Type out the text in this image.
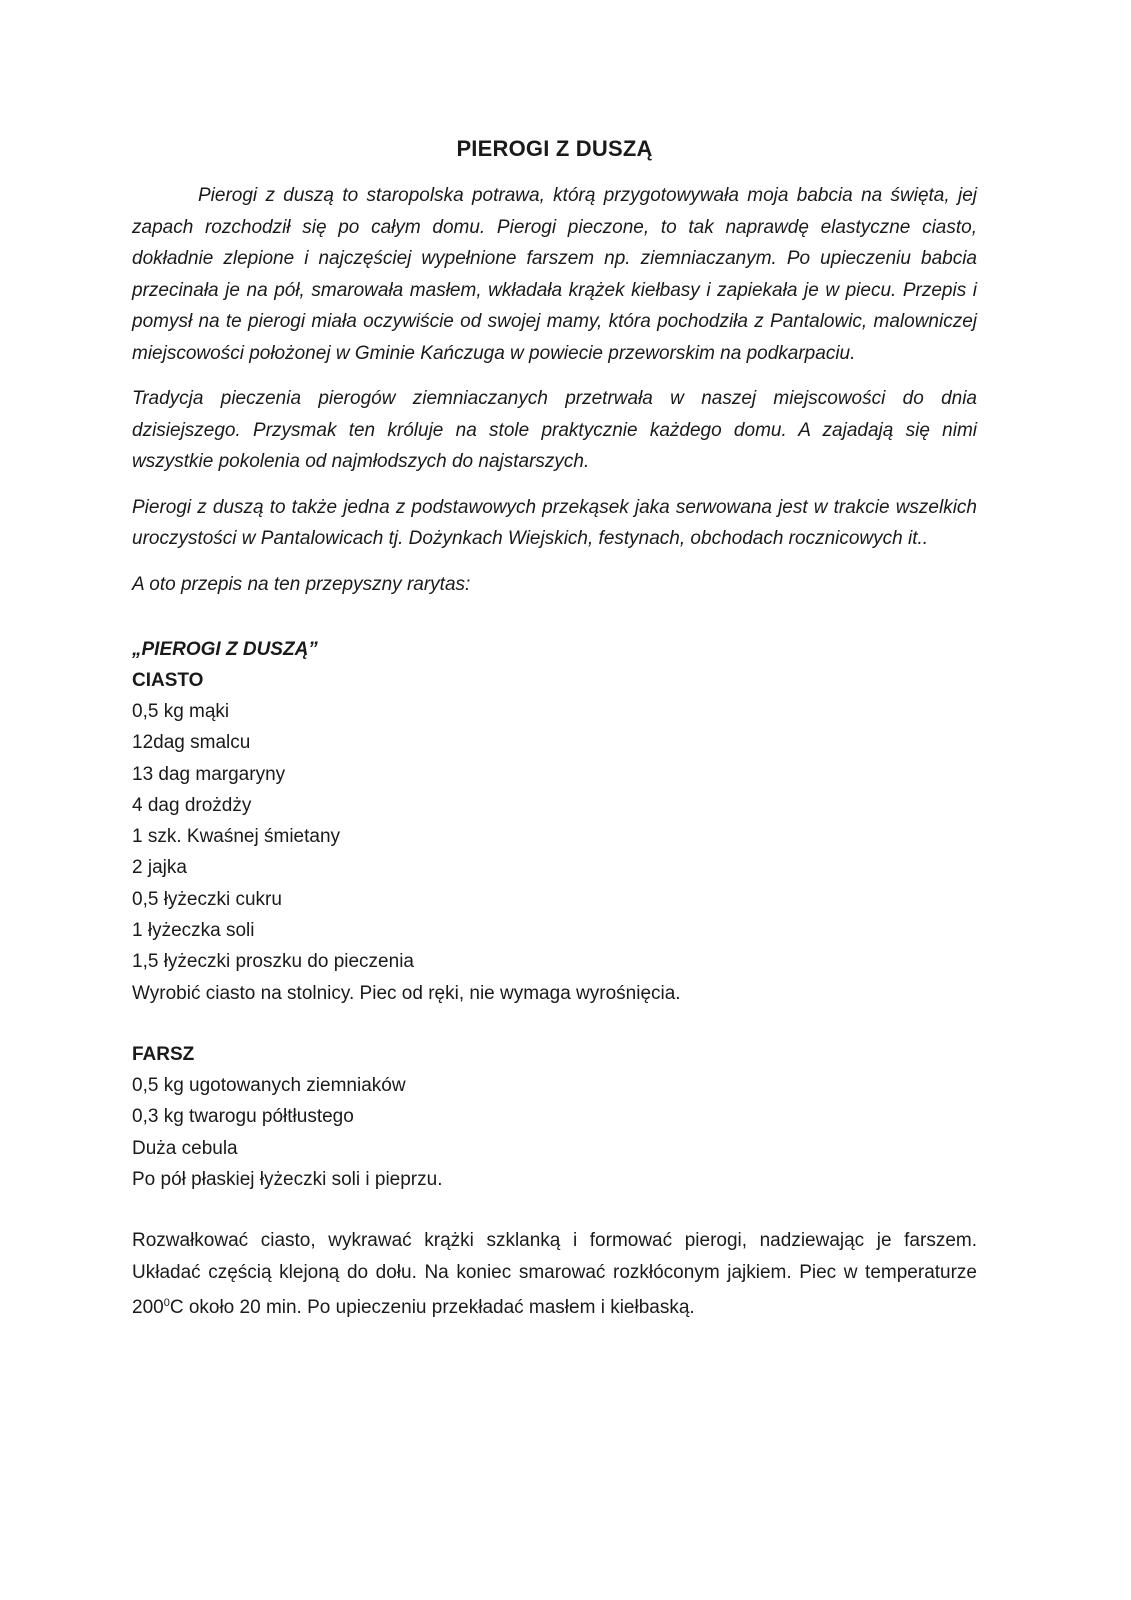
PIEROGI Z DUSZĄ

Pierogi z duszą to staropolska potrawa, którą przygotowywała moja babcia na święta, jej zapach rozchodził się po całym domu. Pierogi pieczone, to tak naprawdę elastyczne ciasto, dokładnie zlepione i najczęściej wypełnione farszem np. ziemniaczanym. Po upieczeniu babcia przecinała je na pół, smarowała masłem, wkładała krążek kiełbasy i zapiekała je w piecu. Przepis i pomysł na te pierogi miała oczywiście od swojej mamy, która pochodziła z Pantalowic, malowniczej miejscowości położonej w Gminie Kańczuga w powiecie przeworskim na podkarpaciu.

Tradycja pieczenia pierogów ziemniaczanych przetrwała w naszej miejscowości do dnia dzisiejszego. Przysmak ten króluje na stole praktycznie każdego domu. A zajadają się nimi wszystkie pokolenia od najmłodszych do najstarszych.

Pierogi z duszą to także jedna z podstawowych przekąsek jaka serwowana jest w trakcie wszelkich uroczystości w Pantalowicach tj. Dożynkach Wiejskich, festynach, obchodach rocznicowych it..

A oto przepis na ten przepyszny rarytas:

„PIEROGI Z DUSZĄ”

CIASTO

0,5 kg mąki
12dag smalcu
13 dag margaryny
4 dag drożdży
1 szk. Kwaśnej śmietany
2 jajka
0,5 łyżeczki cukru
1 łyżeczka soli
1,5 łyżeczki proszku do pieczenia

Wyrobić ciasto na stolnicy. Piec od ręki, nie wymaga wyrośnięcia.

FARSZ

0,5 kg ugotowanych ziemniaków
0,3 kg twarogu półtłustego
Duża cebula
Po pół płaskiej łyżeczki soli i pieprzu.

Rozwałkować ciasto, wykrawać krążki szklanką i formować pierogi, nadziewając je farszem. Układać częścią klejoną do dołu. Na koniec smarować rozkłóconym jajkiem. Piec w temperaturze $200^0C$ około 20 min. Po upieczeniu przekładać masłem i kiełbaską.
